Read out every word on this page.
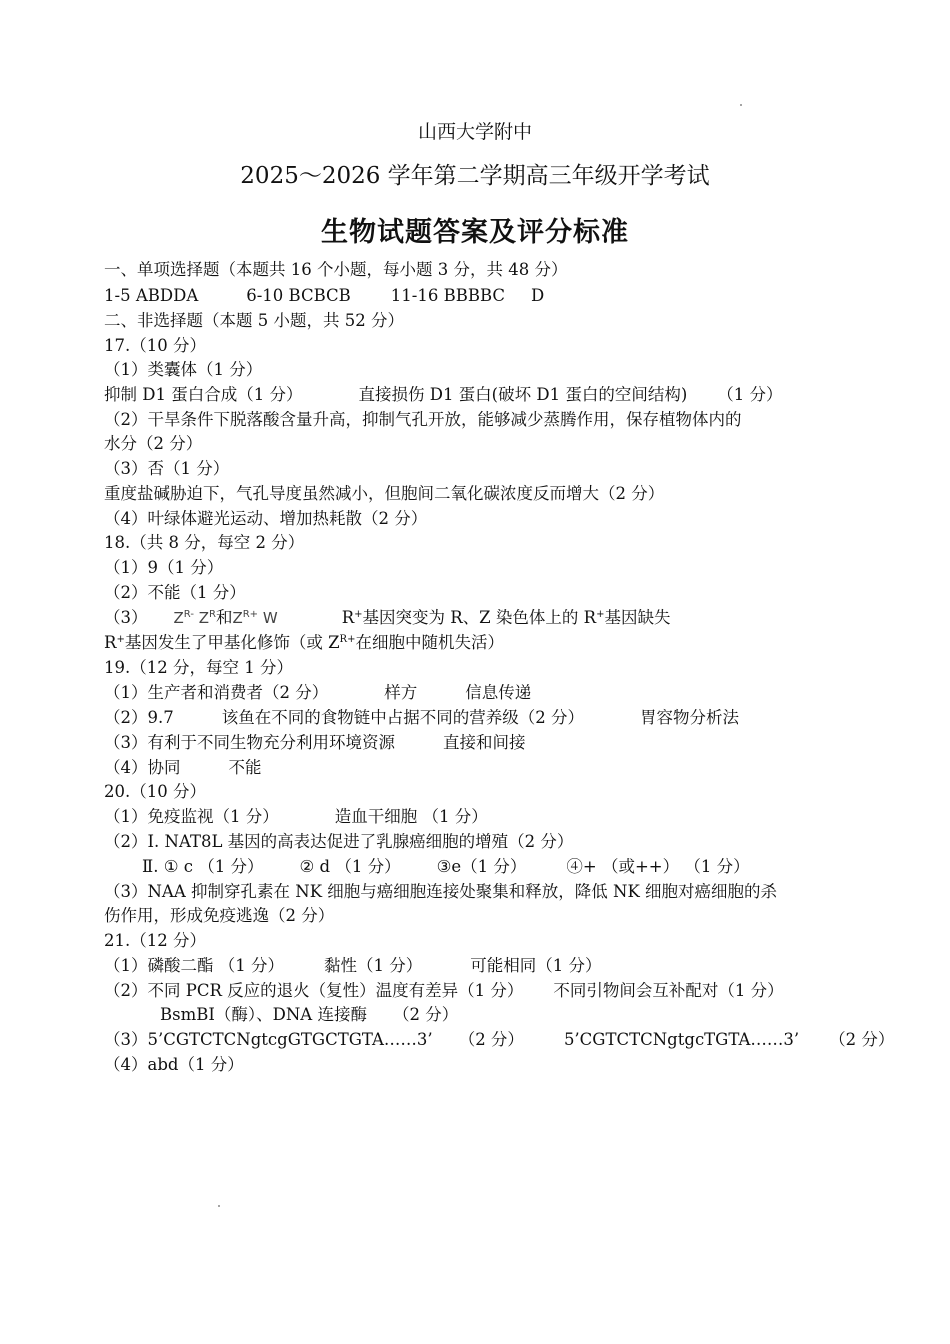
山西大学附中
2025～2026 学年第二学期高三年级开学考试
生物试题答案及评分标准
一、单项选择题（本题共 16 个小题，每小题 3 分，共 48 分）
1-5 ABDDA	6-10 BCBCB 11-16 BBBBC D
二、非选择题（本题 5 小题，共 52 分）
17.（10 分）
（1）类囊体（1 分）
抑制 D1 蛋白合成（1 分）	直接损伤 D1 蛋白(破坏 D1 蛋白的空间结构) （1 分）
（2）干旱条件下脱落酸含量升高，抑制气孔开放，能够减少蒸腾作用，保存植物体内的
水分（2 分）
（3）否（1 分）
重度盐碱胁迫下，气孔导度虽然减小，但胞间二氧化碳浓度反而增大（2 分）
（4）叶绿体避光运动、增加热耗散（2 分）
18.（共 8 分，每空 2 分）
（1）9（1 分）
（2）不能（1 分）
（3） $Z^{R-}$ $Z^R$和$Z^{R+}$ W	R+基因突变为 R、Z 染色体上的 R+基因缺失
R+基因发生了甲基化修饰（或 $Z^{R+}$在细胞中随机失活）
19.（12 分，每空 1 分）
（1）生产者和消费者（2 分）	样方	信息传递
（2）9.7	该鱼在不同的食物链中占据不同的营养级（2 分）	胃容物分析法
（3）有利于不同生物充分利用环境资源	直接和间接
（4）协同	不能
20.（10 分）
（1）免疫监视（1 分）	造血干细胞 （1 分）
（2）Ⅰ. NAT8L 基因的高表达促进了乳腺癌细胞的增殖（2 分）
Ⅱ. ① c （1 分） ② d （1 分） ③e（1 分） ④+ （或++） （1 分）
（3）NAA 抑制穿孔素在 NK 细胞与癌细胞连接处聚集和释放，降低 NK 细胞对癌细胞的杀
伤作用，形成免疫逃逸（2 分）
21.（12 分）
（1）磷酸二酯 （1 分） 黏性（1 分）	可能相同（1 分）
（2）不同 PCR 反应的退火（复性）温度有差异（1 分） 不同引物间会互补配对（1 分）
BsmBⅠ（酶）、DNA 连接酶 （2 分）
（3）5’CGTCTCNgtcgGTGCTGTA……3’ （2 分） 5’CGTCTCNgtgcTGTA……3’ （2 分）
（4）abd（1 分）
